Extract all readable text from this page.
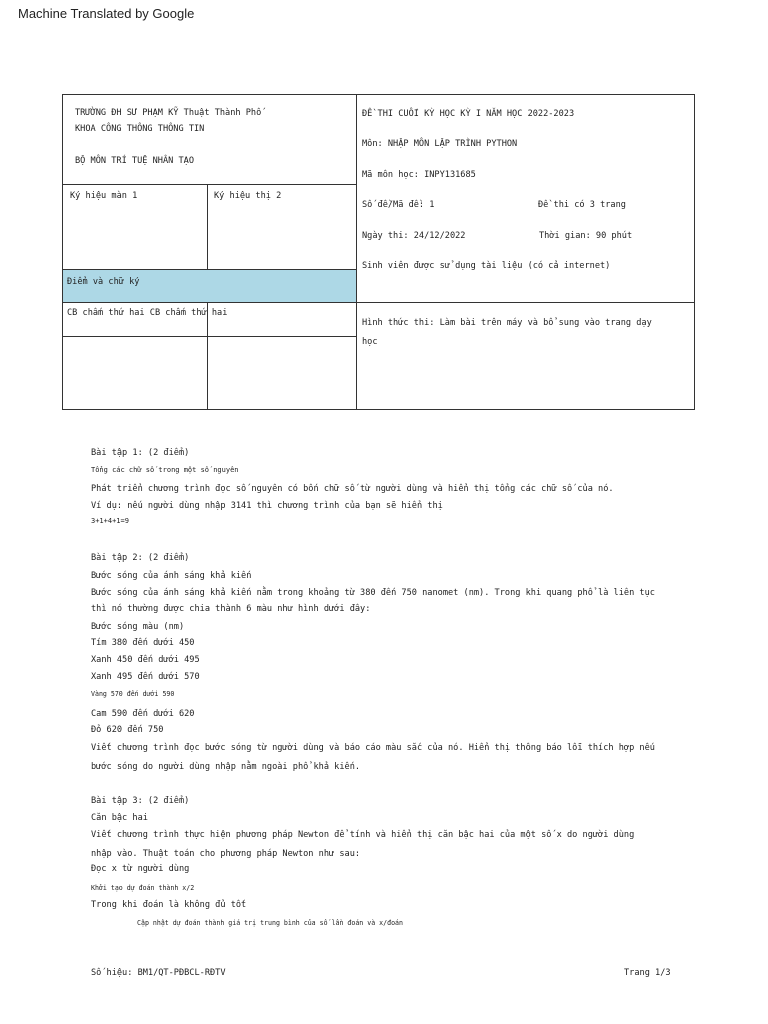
Machine Translated by Google
TRƯỜNG ĐH SƯ PHẠM KỸ Thuật Thành Phố
KHOA CÔNG THÔNG THÔNG TIN
BỘ MÔN TRÍ TUỆ NHÂN TẠO
Ký hiệu màn 1	Ký hiệu thị 2
Điểm và chữ ký
CB chấm thứ hai CB chấm thứ hai
ĐỀ THI CUỐI KỲ HỌC KỲ I NĂM HỌC 2022-2023
Môn: NHẬP MÔN LẬP TRÌNH PYTHON
Mã môn học: INPY131685
Số đề/Mã đề: 1	Đề thi có 3 trang
Ngày thi: 24/12/2022	Thời gian: 90 phút
Sinh viên được sử dụng tài liệu (có cả internet)
Hình thức thi: Làm bài trên máy và bổ sung vào trang dạy
học
Bài tập 1: (2 điểm)
Tổng các chữ số trong một số nguyên
Phát triển chương trình đọc số nguyên có bốn chữ số từ người dùng và hiển thị tổng các chữ số của nó.
Ví dụ: nếu người dùng nhập 3141 thì chương trình của bạn sẽ hiển thị
3+1+4+1=9
Bài tập 2: (2 điểm)
Bước sóng của ánh sáng khả kiến
Bước sóng của ánh sáng khả kiến nằm trong khoảng từ 380 đến 750 nanomet (nm). Trong khi quang phổ là liên tục
thì nó thường được chia thành 6 màu như hình dưới đây:
Bước sóng màu (nm)
Tím 380 đến dưới 450
Xanh 450 đến dưới 495
Xanh 495 đến dưới 570
Vàng 570 đến dưới 590
Cam 590 đến dưới 620
Đỏ 620 đến 750
Viết chương trình đọc bước sóng từ người dùng và báo cáo màu sắc của nó. Hiển thị thông báo lỗi thích hợp nếu
bước sóng do người dùng nhập nằm ngoài phổ khả kiến.
Bài tập 3: (2 điểm)
Căn bậc hai
Viết chương trình thực hiện phương pháp Newton để tính và hiển thị căn bậc hai của một số x do người dùng
nhập vào. Thuật toán cho phương pháp Newton như sau:
Đọc x từ người dùng
Khởi tạo dự đoán thành x/2
Trong khi đoán là không đủ tốt
Cập nhật dự đoán thành giá trị trung bình của số lần đoán và x/đoán
Số hiệu: BM1/QT-PĐBCL-RĐTV	Trang 1/3
